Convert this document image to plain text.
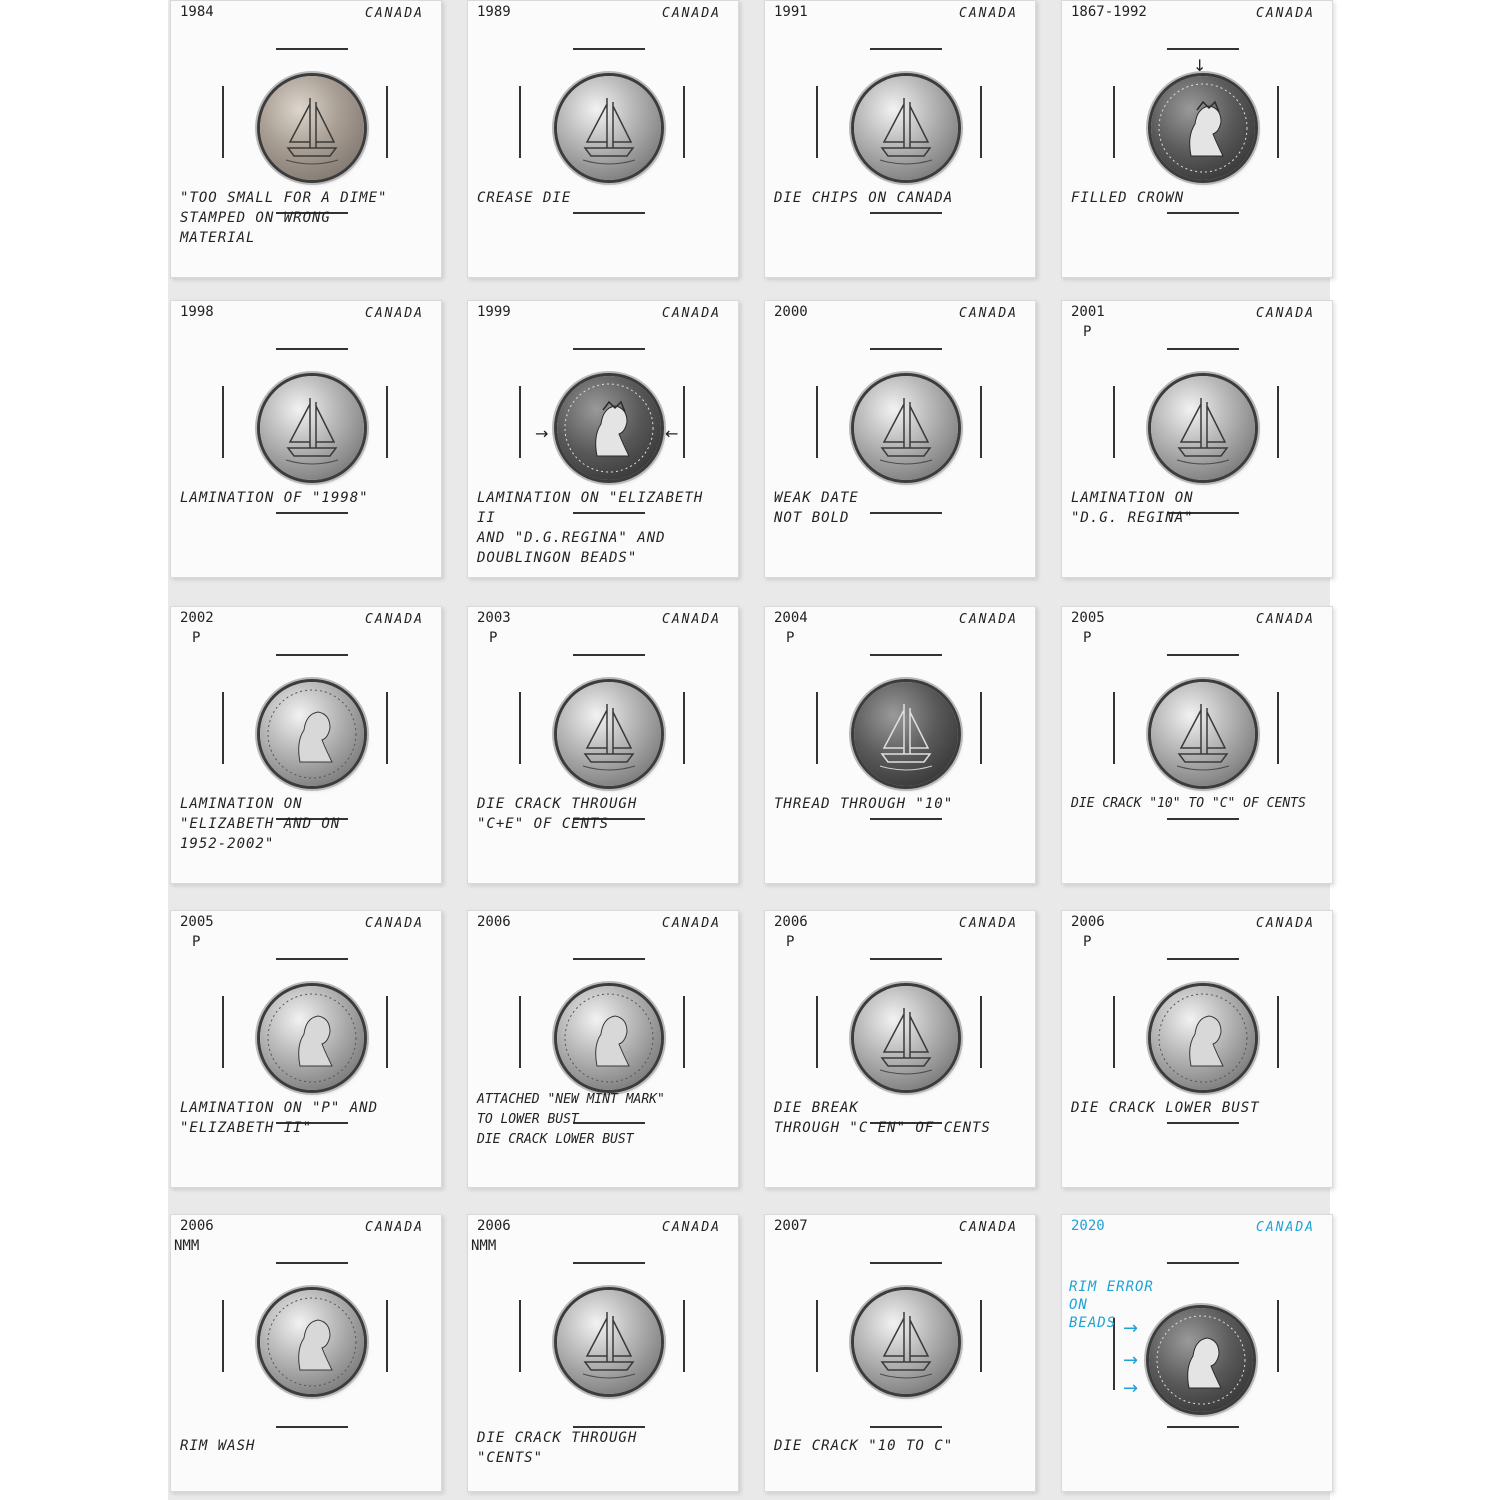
1984	CANADA
"TOO SMALL FOR A DIME"
STAMPED ON WRONG
MATERIAL
1989	CANADA
CREASE DIE
1991	CANADA
DIE CHIPS ON CANADA
1867-1992	CANADA
↓
FILLED CROWN
1998	CANADA
LAMINATION OF "1998"
1999	CANADA
→	←
LAMINATION ON "ELIZABETH II
AND "D.G.REGINA" AND
DOUBLINGON BEADS"
2000	CANADA
WEAK DATE
NOT BOLD
2001
P
CANADA
LAMINATION ON
"D.G. REGINA"
2002
P
CANADA
LAMINATION ON
"ELIZABETH AND ON
1952-2002"
2003
P
CANADA
DIE CRACK THROUGH
"C+E" OF CENTS
2004
P
CANADA
THREAD THROUGH "10"
2005
P
CANADA
DIE CRACK "10" TO "C" OF CENTS
2005
P
CANADA
LAMINATION ON "P" AND
"ELIZABETH II"
2006	CANADA
ATTACHED "NEW MINT MARK"
TO LOWER BUST
DIE CRACK LOWER BUST
2006
P
CANADA
DIE BREAK
THROUGH "C EN" OF CENTS
2006
P
CANADA
DIE CRACK LOWER BUST
2006
NMM
CANADA
RIM WASH
2006
NMM
CANADA
DIE CRACK THROUGH
"CENTS"
2007	CANADA
DIE CRACK "10 TO C"
2020	CANADA
RIM ERROR
ON
BEADS →
→
→
